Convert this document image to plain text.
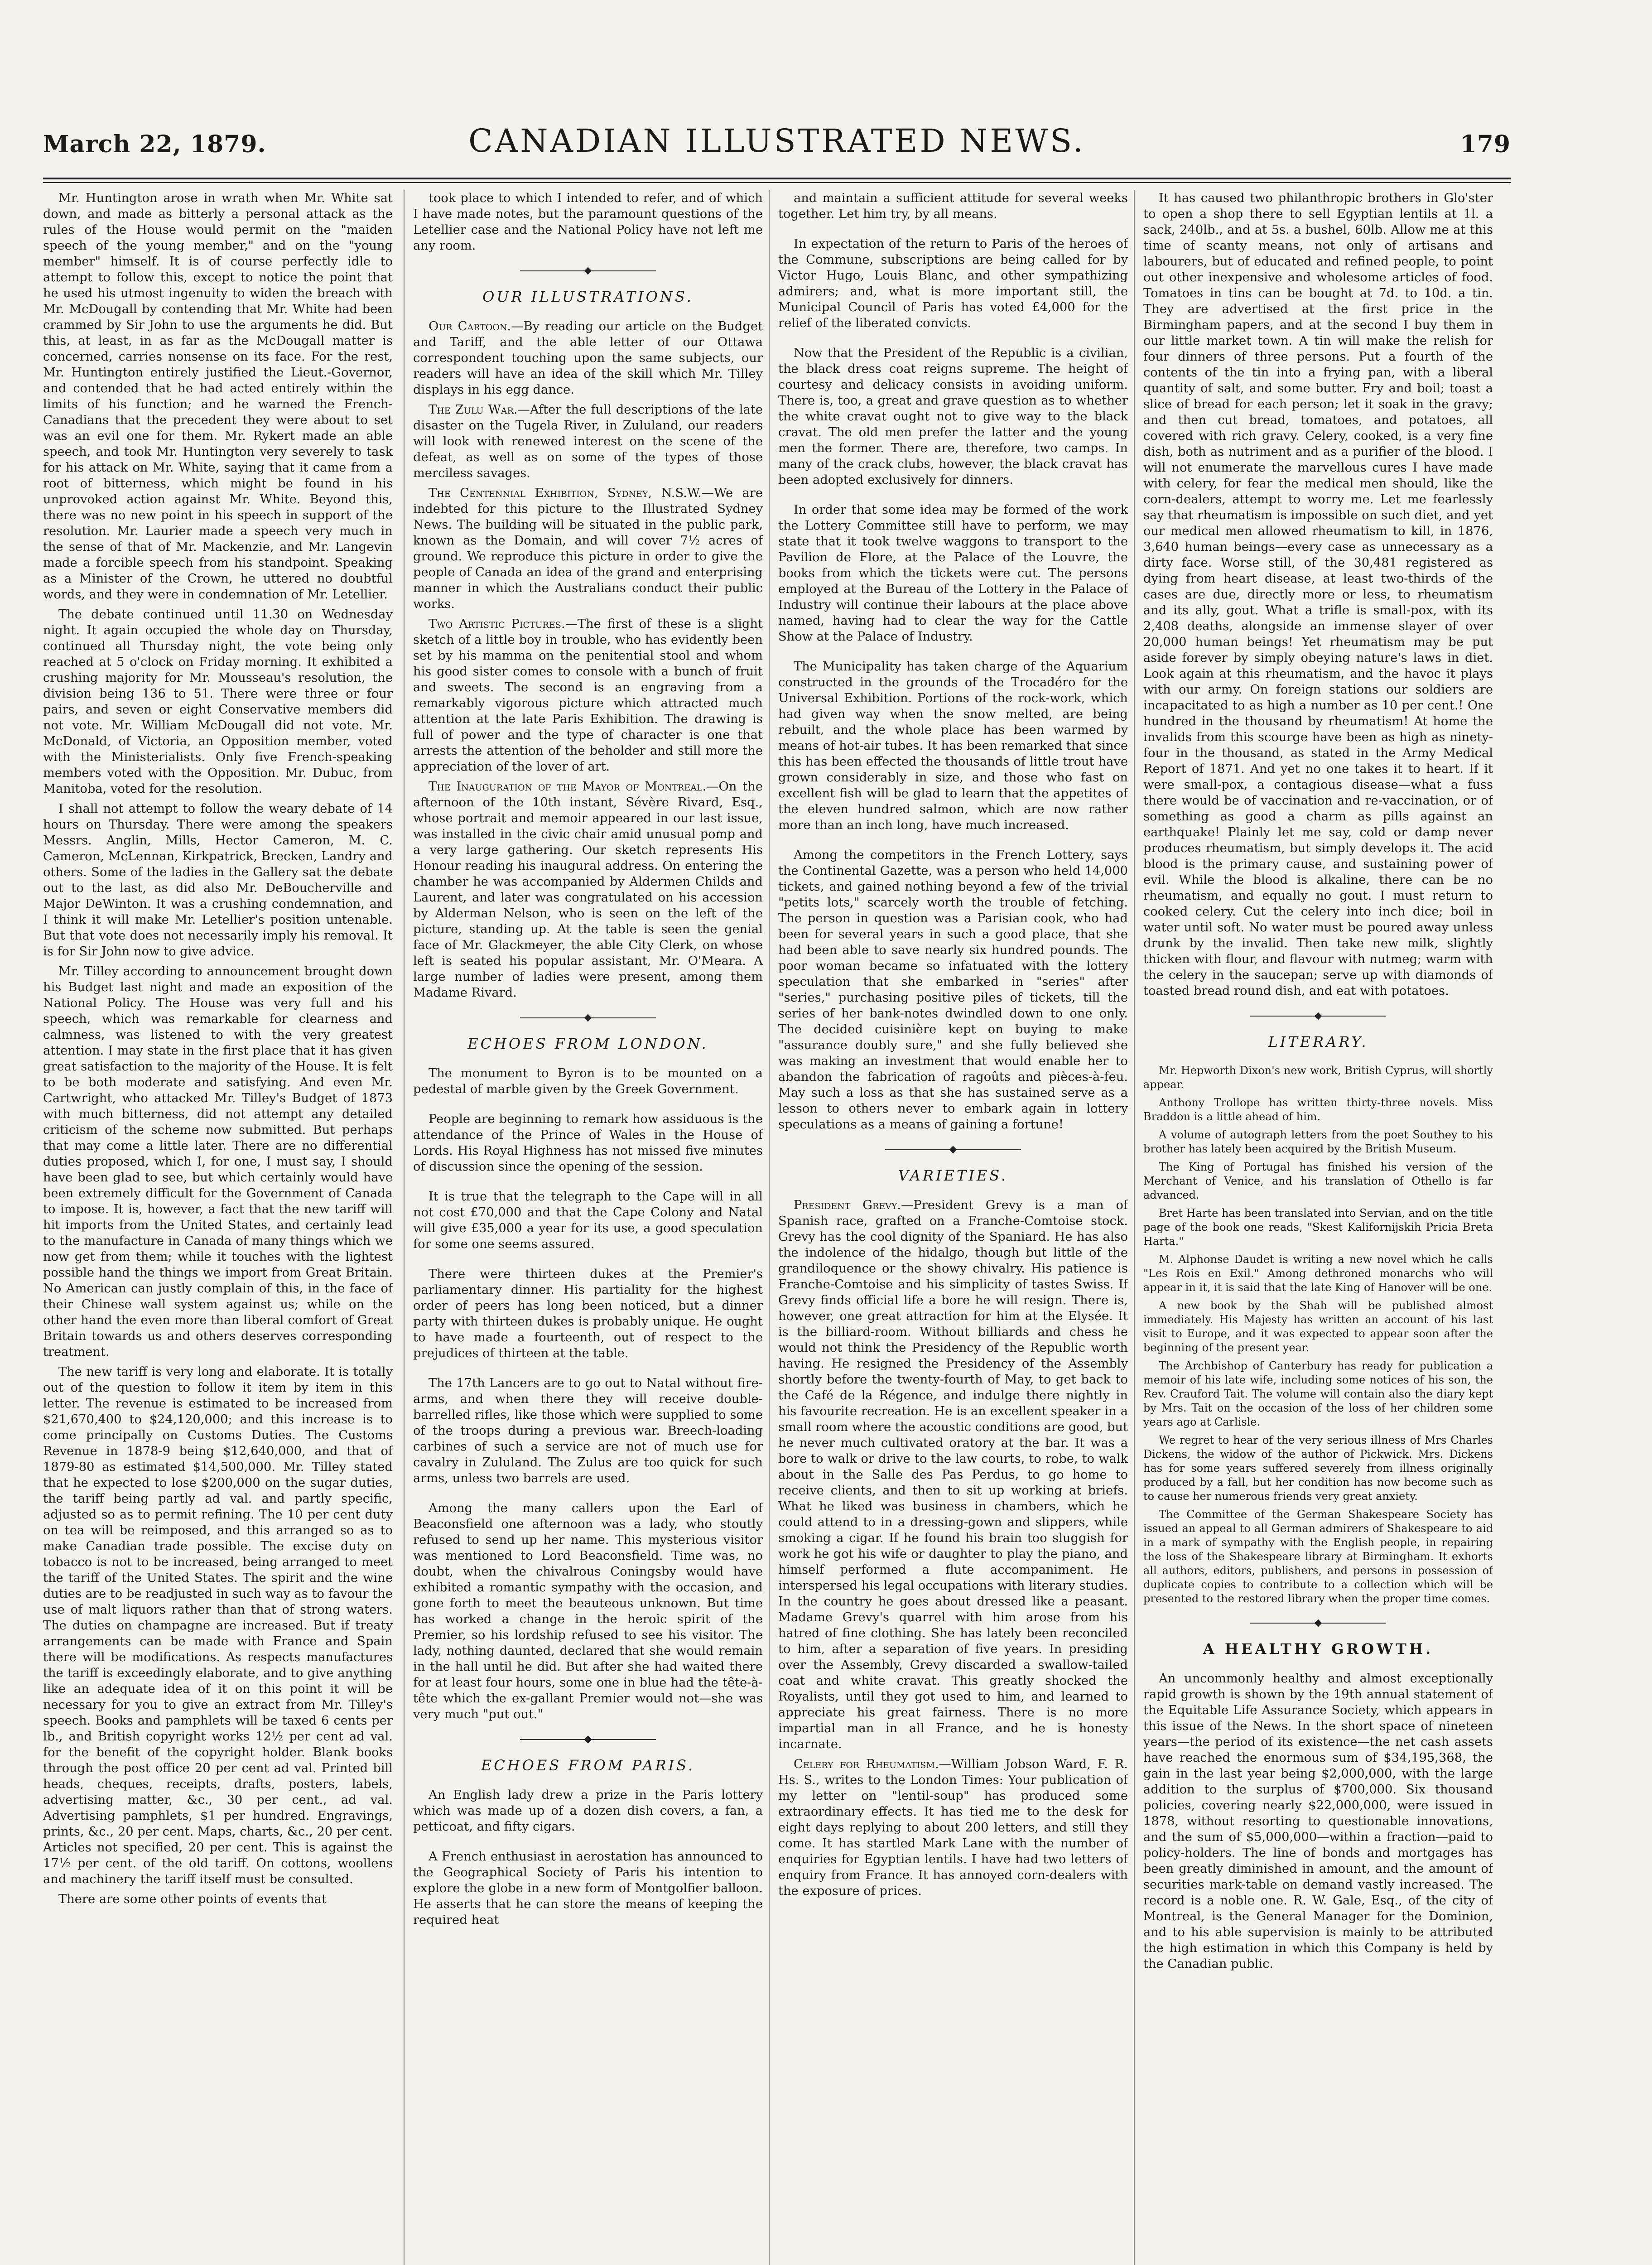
March 22, 1879.	CANADIAN ILLUSTRATED NEWS.	179

Mr. Huntington arose in wrath when Mr. White sat down, and made as bitterly a personal attack as the rules of the House would permit on the "maiden speech of the young member," and on the "young member" himself. It is of course perfectly idle to attempt to follow this, except to notice the point that he used his utmost ingenuity to widen the breach with Mr. McDougall by contending that Mr. White had been crammed by Sir John to use the arguments he did. But this, at least, in as far as the McDougall matter is concerned, carries nonsense on its face. For the rest, Mr. Huntington entirely justified the Lieut.-Governor, and contended that he had acted entirely within the limits of his function; and he warned the French-Canadians that the precedent they were about to set was an evil one for them. Mr. Rykert made an able speech, and took Mr. Huntington very severely to task for his attack on Mr. White, saying that it came from a root of bitterness, which might be found in his unprovoked action against Mr. White. Beyond this, there was no new point in his speech in support of the resolution. Mr. Laurier made a speech very much in the sense of that of Mr. Mackenzie, and Mr. Langevin made a forcible speech from his standpoint. Speaking as a Minister of the Crown, he uttered no doubtful words, and they were in condemnation of Mr. Letellier.

The debate continued until 11.30 on Wednesday night. It again occupied the whole day on Thursday, continued all Thursday night, the vote being only reached at 5 o'clock on Friday morning. It exhibited a crushing majority for Mr. Mousseau's resolution, the division being 136 to 51. There were three or four pairs, and seven or eight Conservative members did not vote. Mr. William McDougall did not vote. Mr. McDonald, of Victoria, an Opposition member, voted with the Ministerialists. Only five French-speaking members voted with the Opposition. Mr. Dubuc, from Manitoba, voted for the resolution.

I shall not attempt to follow the weary debate of 14 hours on Thursday. There were among the speakers Messrs. Anglin, Mills, Hector Cameron, M. C. Cameron, McLennan, Kirkpatrick, Brecken, Landry and others. Some of the ladies in the Gallery sat the debate out to the last, as did also Mr. DeBoucherville and Major DeWinton. It was a crushing condemnation, and I think it will make Mr. Letellier's position untenable. But that vote does not necessarily imply his removal. It is for Sir John now to give advice.

Mr. Tilley according to announcement brought down his Budget last night and made an exposition of the National Policy. The House was very full and his speech, which was remarkable for clearness and calmness, was listened to with the very greatest attention. I may state in the first place that it has given great satisfaction to the majority of the House. It is felt to be both moderate and satisfying. And even Mr. Cartwright, who attacked Mr. Tilley's Budget of 1873 with much bitterness, did not attempt any detailed criticism of the scheme now submitted. But perhaps that may come a little later. There are no differential duties proposed, which I, for one, I must say, I should have been glad to see, but which certainly would have been extremely difficult for the Government of Canada to impose. It is, however, a fact that the new tariff will hit imports from the United States, and certainly lead to the manufacture in Canada of many things which we now get from them; while it touches with the lightest possible hand the things we import from Great Britain. No American can justly complain of this, in the face of their Chinese wall system against us; while on the other hand the even more than liberal comfort of Great Britain towards us and others deserves corresponding treatment.

The new tariff is very long and elaborate. It is totally out of the question to follow it item by item in this letter. The revenue is estimated to be increased from $21,670,400 to $24,120,000; and this increase is to come principally on Customs Duties. The Customs Revenue in 1878-9 being $12,640,000, and that of 1879-80 as estimated $14,500,000. Mr. Tilley stated that he expected to lose $200,000 on the sugar duties, the tariff being partly ad val. and partly specific, adjusted so as to permit refining. The 10 per cent duty on tea will be reimposed, and this arranged so as to make Canadian trade possible. The excise duty on tobacco is not to be increased, being arranged to meet the tariff of the United States. The spirit and the wine duties are to be readjusted in such way as to favour the use of malt liquors rather than that of strong waters. The duties on champagne are increased. But if treaty arrangements can be made with France and Spain there will be modifications. As respects manufactures the tariff is exceedingly elaborate, and to give anything like an adequate idea of it on this point it will be necessary for you to give an extract from Mr. Tilley's speech. Books and pamphlets will be taxed 6 cents per lb., and British copyright works 12½ per cent ad val. for the benefit of the copyright holder. Blank books through the post office 20 per cent ad val. Printed bill heads, cheques, receipts, drafts, posters, labels, advertising matter, &c., 30 per cent., ad val. Advertising pamphlets, $1 per hundred. Engravings, prints, &c., 20 per cent. Maps, charts, &c., 20 per cent. Articles not specified, 20 per cent. This is against the 17½ per cent. of the old tariff. On cottons, woollens and machinery the tariff itself must be consulted.

There are some other points of events that

took place to which I intended to refer, and of which I have made notes, but the paramount questions of the Letellier case and the National Policy have not left me any room.

OUR ILLUSTRATIONS.

Our Cartoon.—By reading our article on the Budget and Tariff, and the able letter of our Ottawa correspondent touching upon the same subjects, our readers will have an idea of the skill which Mr. Tilley displays in his egg dance.

The Zulu War.—After the full descriptions of the late disaster on the Tugela River, in Zululand, our readers will look with renewed interest on the scene of the defeat, as well as on some of the types of those merciless savages.

The Centennial Exhibition, Sydney, N.S.W.—We are indebted for this picture to the Illustrated Sydney News. The building will be situated in the public park, known as the Domain, and will cover 7½ acres of ground. We reproduce this picture in order to give the people of Canada an idea of the grand and enterprising manner in which the Australians conduct their public works.

Two Artistic Pictures.—The first of these is a slight sketch of a little boy in trouble, who has evidently been set by his mamma on the penitential stool and whom his good sister comes to console with a bunch of fruit and sweets. The second is an engraving from a remarkably vigorous picture which attracted much attention at the late Paris Exhibition. The drawing is full of power and the type of character is one that arrests the attention of the beholder and still more the appreciation of the lover of art.

The Inauguration of the Mayor of Montreal.—On the afternoon of the 10th instant, Sévère Rivard, Esq., whose portrait and memoir appeared in our last issue, was installed in the civic chair amid unusual pomp and a very large gathering. Our sketch represents His Honour reading his inaugural address. On entering the chamber he was accompanied by Aldermen Childs and Laurent, and later was congratulated on his accession by Alderman Nelson, who is seen on the left of the picture, standing up. At the table is seen the genial face of Mr. Glackmeyer, the able City Clerk, on whose left is seated his popular assistant, Mr. O'Meara. A large number of ladies were present, among them Madame Rivard.

ECHOES FROM LONDON.

The monument to Byron is to be mounted on a pedestal of marble given by the Greek Government.

People are beginning to remark how assiduous is the attendance of the Prince of Wales in the House of Lords. His Royal Highness has not missed five minutes of discussion since the opening of the session.

It is true that the telegraph to the Cape will in all not cost £70,000 and that the Cape Colony and Natal will give £35,000 a year for its use, a good speculation for some one seems assured.

There were thirteen dukes at the Premier's parliamentary dinner. His partiality for the highest order of peers has long been noticed, but a dinner party with thirteen dukes is probably unique. He ought to have made a fourteenth, out of respect to the prejudices of thirteen at the table.

The 17th Lancers are to go out to Natal without fire-arms, and when there they will receive double-barrelled rifles, like those which were supplied to some of the troops during a previous war. Breech-loading carbines of such a service are not of much use for cavalry in Zululand. The Zulus are too quick for such arms, unless two barrels are used.

Among the many callers upon the Earl of Beaconsfield one afternoon was a lady, who stoutly refused to send up her name. This mysterious visitor was mentioned to Lord Beaconsfield. Time was, no doubt, when the chivalrous Coningsby would have exhibited a romantic sympathy with the occasion, and gone forth to meet the beauteous unknown. But time has worked a change in the heroic spirit of the Premier, so his lordship refused to see his visitor. The lady, nothing daunted, declared that she would remain in the hall until he did. But after she had waited there for at least four hours, some one in blue had the tête-à-tête which the ex-gallant Premier would not—she was very much "put out."

ECHOES FROM PARIS.

An English lady drew a prize in the Paris lottery which was made up of a dozen dish covers, a fan, a petticoat, and fifty cigars.

A French enthusiast in aerostation has announced to the Geographical Society of Paris his intention to explore the globe in a new form of Montgolfier balloon. He asserts that he can store the means of keeping the required heat

and maintain a sufficient attitude for several weeks together. Let him try, by all means.

In expectation of the return to Paris of the heroes of the Commune, subscriptions are being called for by Victor Hugo, Louis Blanc, and other sympathizing admirers; and, what is more important still, the Municipal Council of Paris has voted £4,000 for the relief of the liberated convicts.

Now that the President of the Republic is a civilian, the black dress coat reigns supreme. The height of courtesy and delicacy consists in avoiding uniform. There is, too, a great and grave question as to whether the white cravat ought not to give way to the black cravat. The old men prefer the latter and the young men the former. There are, therefore, two camps. In many of the crack clubs, however, the black cravat has been adopted exclusively for dinners.

In order that some idea may be formed of the work the Lottery Committee still have to perform, we may state that it took twelve waggons to transport to the Pavilion de Flore, at the Palace of the Louvre, the books from which the tickets were cut. The persons employed at the Bureau of the Lottery in the Palace of Industry will continue their labours at the place above named, having had to clear the way for the Cattle Show at the Palace of Industry.

The Municipality has taken charge of the Aquarium constructed in the grounds of the Trocadéro for the Universal Exhibition. Portions of the rock-work, which had given way when the snow melted, are being rebuilt, and the whole place has been warmed by means of hot-air tubes. It has been remarked that since this has been effected the thousands of little trout have grown considerably in size, and those who fast on excellent fish will be glad to learn that the appetites of the eleven hundred salmon, which are now rather more than an inch long, have much increased.

Among the competitors in the French Lottery, says the Continental Gazette, was a person who held 14,000 tickets, and gained nothing beyond a few of the trivial "petits lots," scarcely worth the trouble of fetching. The person in question was a Parisian cook, who had been for several years in such a good place, that she had been able to save nearly six hundred pounds. The poor woman became so infatuated with the lottery speculation that she embarked in "series" after "series," purchasing positive piles of tickets, till the series of her bank-notes dwindled down to one only. The decided cuisinière kept on buying to make "assurance doubly sure," and she fully believed she was making an investment that would enable her to abandon the fabrication of ragoûts and pièces-à-feu. May such a loss as that she has sustained serve as a lesson to others never to embark again in lottery speculations as a means of gaining a fortune!

VARIETIES.

President Grevy.—President Grevy is a man of Spanish race, grafted on a Franche-Comtoise stock. Grevy has the cool dignity of the Spaniard. He has also the indolence of the hidalgo, though but little of the grandiloquence or the showy chivalry. His patience is Franche-Comtoise and his simplicity of tastes Swiss. If Grevy finds official life a bore he will resign. There is, however, one great attraction for him at the Elysée. It is the billiard-room. Without billiards and chess he would not think the Presidency of the Republic worth having. He resigned the Presidency of the Assembly shortly before the twenty-fourth of May, to get back to the Café de la Régence, and indulge there nightly in his favourite recreation. He is an excellent speaker in a small room where the acoustic conditions are good, but he never much cultivated oratory at the bar. It was a bore to walk or drive to the law courts, to robe, to walk about in the Salle des Pas Perdus, to go home to receive clients, and then to sit up working at briefs. What he liked was business in chambers, which he could attend to in a dressing-gown and slippers, while smoking a cigar. If he found his brain too sluggish for work he got his wife or daughter to play the piano, and himself performed a flute accompaniment. He interspersed his legal occupations with literary studies. In the country he goes about dressed like a peasant. Madame Grevy's quarrel with him arose from his hatred of fine clothing. She has lately been reconciled to him, after a separation of five years. In presiding over the Assembly, Grevy discarded a swallow-tailed coat and white cravat. This greatly shocked the Royalists, until they got used to him, and learned to appreciate his great fairness. There is no more impartial man in all France, and he is honesty incarnate.

Celery for Rheumatism.—William Jobson Ward, F. R. Hs. S., writes to the London Times: Your publication of my letter on "lentil-soup" has produced some extraordinary effects. It has tied me to the desk for eight days replying to about 200 letters, and still they come. It has startled Mark Lane with the number of enquiries for Egyptian lentils. I have had two letters of enquiry from France. It has annoyed corn-dealers with the exposure of prices.

It has caused two philanthropic brothers in Glo'ster to open a shop there to sell Egyptian lentils at 1l. a sack, 240lb., and at 5s. a bushel, 60lb. Allow me at this time of scanty means, not only of artisans and labourers, but of educated and refined people, to point out other inexpensive and wholesome articles of food. Tomatoes in tins can be bought at 7d. to 10d. a tin. They are advertised at the first price in the Birmingham papers, and at the second I buy them in our little market town. A tin will make the relish for four dinners of three persons. Put a fourth of the contents of the tin into a frying pan, with a liberal quantity of salt, and some butter. Fry and boil; toast a slice of bread for each person; let it soak in the gravy; and then cut bread, tomatoes, and potatoes, all covered with rich gravy. Celery, cooked, is a very fine dish, both as nutriment and as a purifier of the blood. I will not enumerate the marvellous cures I have made with celery, for fear the medical men should, like the corn-dealers, attempt to worry me. Let me fearlessly say that rheumatism is impossible on such diet, and yet our medical men allowed rheumatism to kill, in 1876, 3,640 human beings—every case as unnecessary as a dirty face. Worse still, of the 30,481 registered as dying from heart disease, at least two-thirds of the cases are due, directly more or less, to rheumatism and its ally, gout. What a trifle is small-pox, with its 2,408 deaths, alongside an immense slayer of over 20,000 human beings! Yet rheumatism may be put aside forever by simply obeying nature's laws in diet. Look again at this rheumatism, and the havoc it plays with our army. On foreign stations our soldiers are incapacitated to as high a number as 10 per cent.! One hundred in the thousand by rheumatism! At home the invalids from this scourge have been as high as ninety-four in the thousand, as stated in the Army Medical Report of 1871. And yet no one takes it to heart. If it were small-pox, a contagious disease—what a fuss there would be of vaccination and re-vaccination, or of something as good a charm as pills against an earthquake! Plainly let me say, cold or damp never produces rheumatism, but simply develops it. The acid blood is the primary cause, and sustaining power of evil. While the blood is alkaline, there can be no rheumatism, and equally no gout. I must return to cooked celery. Cut the celery into inch dice; boil in water until soft. No water must be poured away unless drunk by the invalid. Then take new milk, slightly thicken with flour, and flavour with nutmeg; warm with the celery in the saucepan; serve up with diamonds of toasted bread round dish, and eat with potatoes.

LITERARY.

Mr. Hepworth Dixon's new work, British Cyprus, will shortly appear.

Anthony Trollope has written thirty-three novels. Miss Braddon is a little ahead of him.

A volume of autograph letters from the poet Southey to his brother has lately been acquired by the British Museum.

The King of Portugal has finished his version of the Merchant of Venice, and his translation of Othello is far advanced.

Bret Harte has been translated into Servian, and on the title page of the book one reads, "Skest Kalifornijskih Pricia Breta Harta."

M. Alphonse Daudet is writing a new novel which he calls "Les Rois en Exil." Among dethroned monarchs who will appear in it, it is said that the late King of Hanover will be one.

A new book by the Shah will be published almost immediately. His Majesty has written an account of his last visit to Europe, and it was expected to appear soon after the beginning of the present year.

The Archbishop of Canterbury has ready for publication a memoir of his late wife, including some notices of his son, the Rev. Crauford Tait. The volume will contain also the diary kept by Mrs. Tait on the occasion of the loss of her children some years ago at Carlisle.

We regret to hear of the very serious illness of Mrs Charles Dickens, the widow of the author of Pickwick. Mrs. Dickens has for some years suffered severely from illness originally produced by a fall, but her condition has now become such as to cause her numerous friends very great anxiety.

The Committee of the German Shakespeare Society has issued an appeal to all German admirers of Shakespeare to aid in a mark of sympathy with the English people, in repairing the loss of the Shakespeare library at Birmingham. It exhorts all authors, editors, publishers, and persons in possession of duplicate copies to contribute to a collection which will be presented to the restored library when the proper time comes.

A HEALTHY GROWTH.

An uncommonly healthy and almost exceptionally rapid growth is shown by the 19th annual statement of the Equitable Life Assurance Society, which appears in this issue of the News. In the short space of nineteen years—the period of its existence—the net cash assets have reached the enormous sum of $34,195,368, the gain in the last year being $2,000,000, with the large addition to the surplus of $700,000. Six thousand policies, covering nearly $22,000,000, were issued in 1878, without resorting to questionable innovations, and the sum of $5,000,000—within a fraction—paid to policy-holders. The line of bonds and mortgages has been greatly diminished in amount, and the amount of securities mark-table on demand vastly increased. The record is a noble one. R. W. Gale, Esq., of the city of Montreal, is the General Manager for the Dominion, and to his able supervision is mainly to be attributed the high estimation in which this Company is held by the Canadian public.
